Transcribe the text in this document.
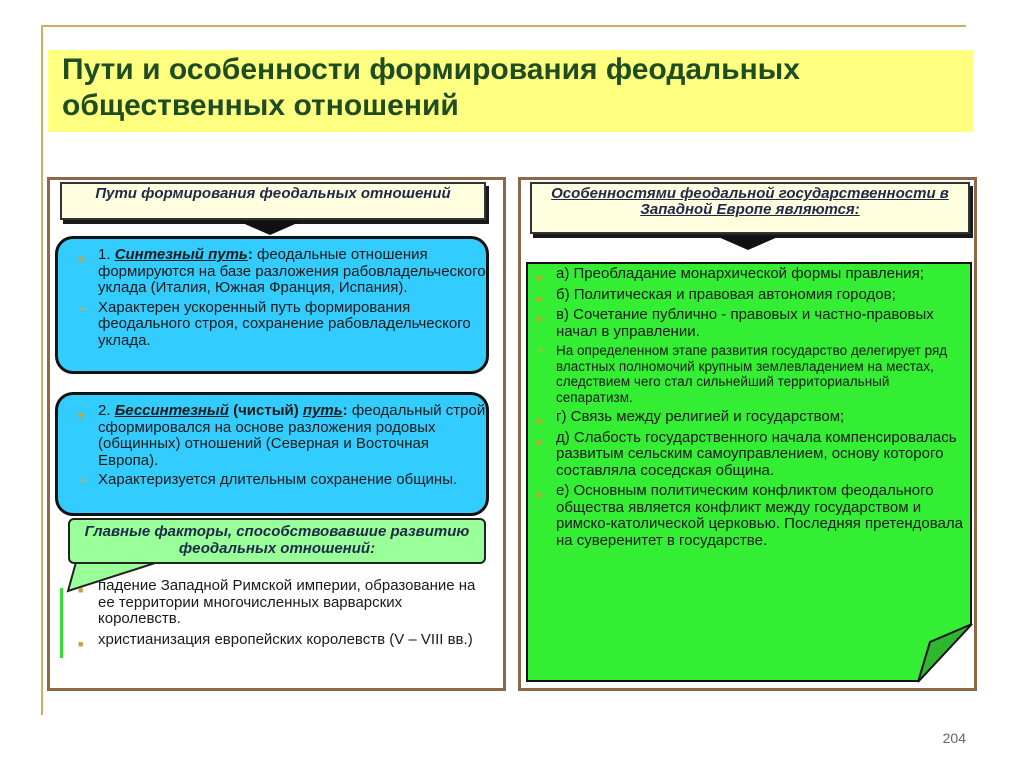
Пути и особенности формирования феодальных общественных отношений
Пути формирования феодальных отношений
■ 1. Синтезный путь: феодальные отношения формируются на базе разложения рабовладельческого уклада (Италия, Южная Франция, Испания).
➢ Характерен ускоренный путь формирования феодального строя, сохранение рабовладельческого уклада.
■ 2. Бессинтезный (чистый) путь: феодальный строй сформировался на основе разложения родовых (общинных) отношений (Северная и Восточная Европа).
➢ Характеризуется длительным сохранение общины.
Главные факторы, способствовавшие развитию феодальных отношений:
■ падение Западной Римской империи, образование на ее территории многочисленных варварских королевств.
■ христианизация европейских королевств (V – VIII вв.)
Особенностями феодальной государственности в Западной Европе являются:
■ а) Преобладание монархической формы правления;
■ б) Политическая и правовая автономия городов;
■ в) Сочетание публично - правовых и частно-правовых начал в управлении.
➢ На определенном этапе развития государство делегирует ряд властных полномочий крупным землевладением на местах, следствием чего стал сильнейший территориальный сепаратизм.
■ г) Связь между религией и государством;
■ д) Слабость государственного начала компенсировалась развитым сельским самоуправлением, основу которого составляла соседская община.
■ е) Основным политическим конфликтом феодального общества является конфликт между государством и римско-католической церковью. Последняя претендовала на суверенитет в государстве.
204
